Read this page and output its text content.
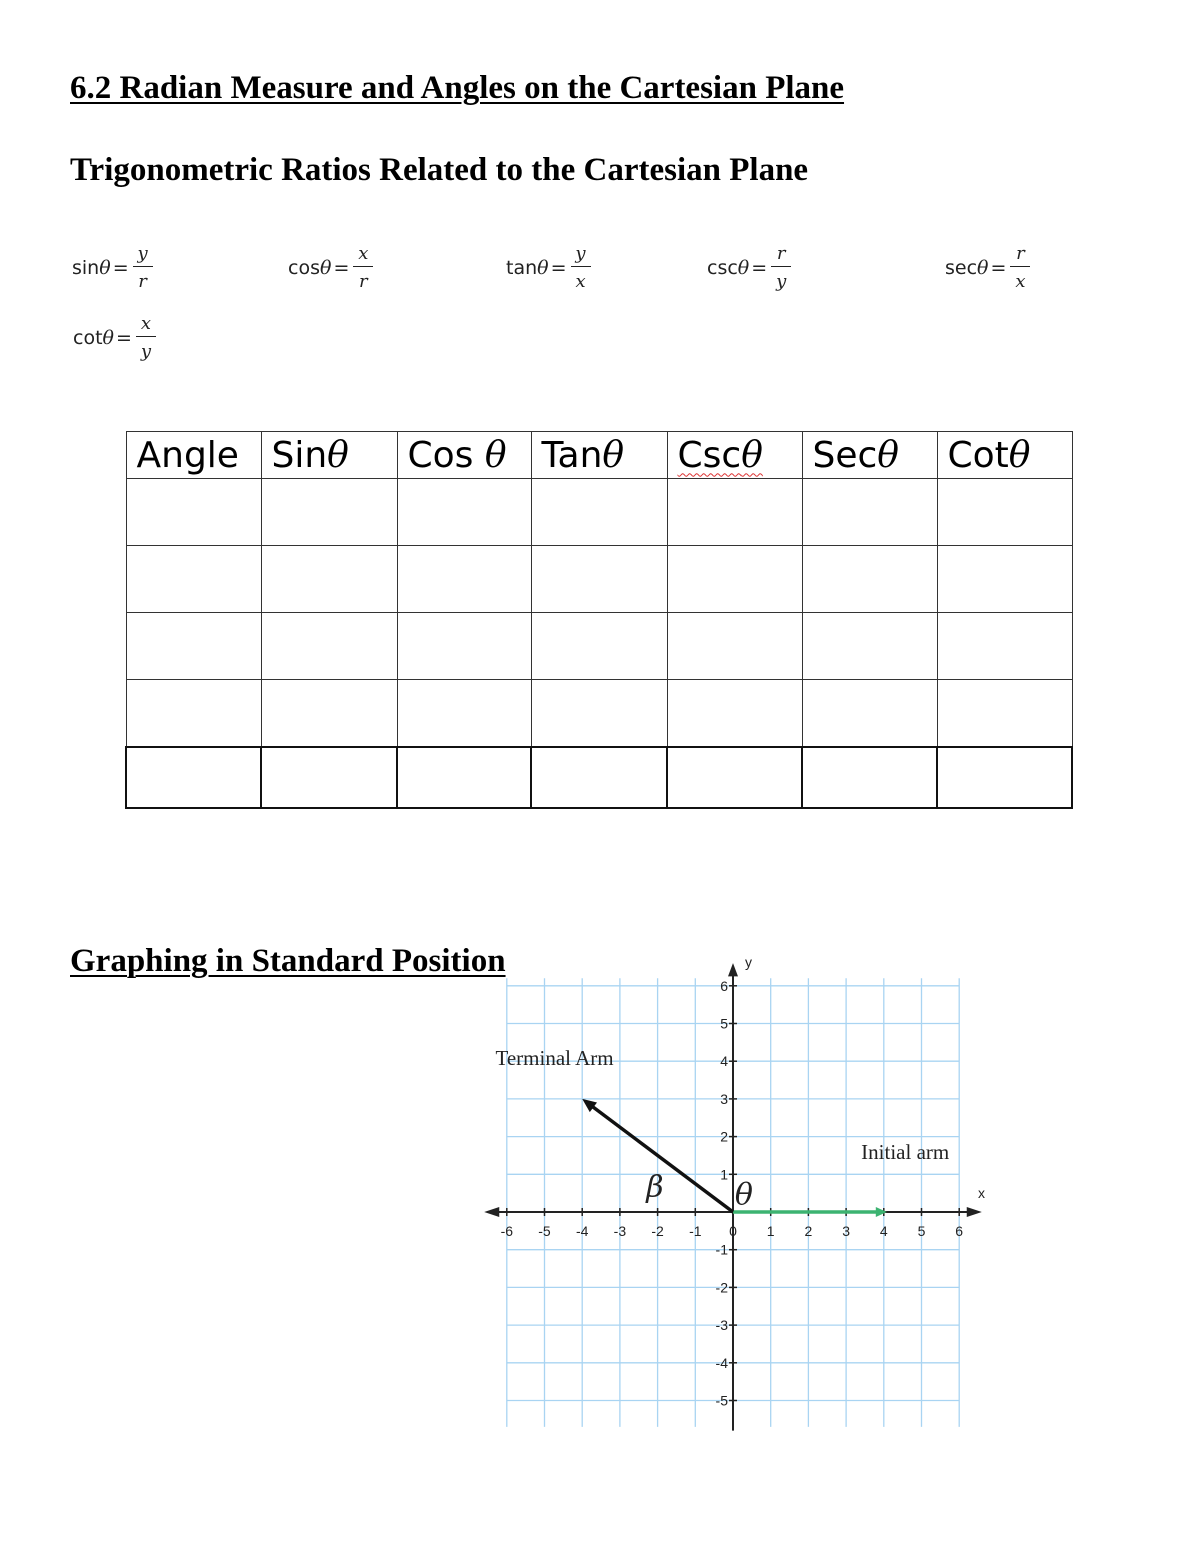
6.2 Radian Measure and Angles on the Cartesian Plane
Trigonometric Ratios Related to the Cartesian Plane
$\sin \theta = \frac{y}{r}$	$\cos \theta = \frac{x}{r}$	$\tan \theta = \frac{y}{x}$	$\csc \theta = \frac{r}{y}$	$\sec \theta = \frac{r}{x}$
$\cot \theta = \frac{x}{y}$
Angle	Sinθ	Cos θ	Tanθ	Cscθ	Secθ	Cotθ

Graphing in Standard Position
-6 -5 -4 -3 -2 -1 0 1 2 3 4 5 6
-5
-4
-3
-2
-1
1
2
3
4
5
6
x
y
Terminal Arm
Initial arm
β θ
